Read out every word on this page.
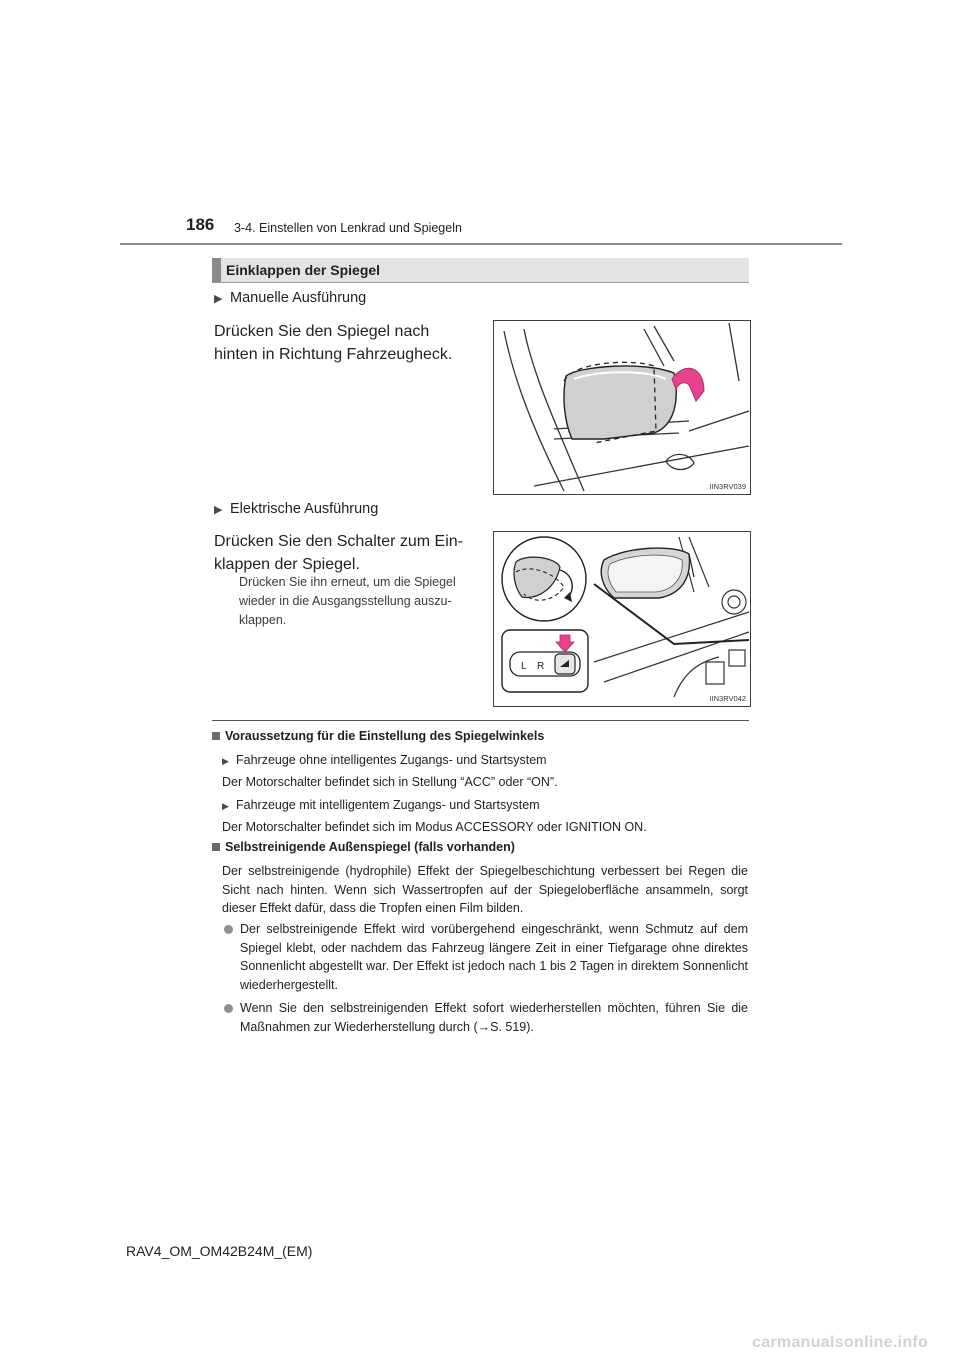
186 3-4. Einstellen von Lenkrad und Spiegeln
Einklappen der Spiegel
▶ Manuelle Ausführung
Drücken Sie den Spiegel nach hinten in Richtung Fahrzeugheck.
IIN3RV039
▶ Elektrische Ausführung
Drücken Sie den Schalter zum Ein-klappen der Spiegel.
Drücken Sie ihn erneut, um die Spiegel wieder in die Ausgangsstellung auszu-klappen.
L R
IIN3RV042
Voraussetzung für die Einstellung des Spiegelwinkels
▶ Fahrzeuge ohne intelligentes Zugangs- und Startsystem
Der Motorschalter befindet sich in Stellung “ACC” oder “ON”.
▶ Fahrzeuge mit intelligentem Zugangs- und Startsystem
Der Motorschalter befindet sich im Modus ACCESSORY oder IGNITION ON.
Selbstreinigende Außenspiegel (falls vorhanden)
Der selbstreinigende (hydrophile) Effekt der Spiegelbeschichtung verbessert bei Regen die Sicht nach hinten. Wenn sich Wassertropfen auf der Spiegeloberfläche ansammeln, sorgt dieser Effekt dafür, dass die Tropfen einen Film bilden.
Der selbstreinigende Effekt wird vorübergehend eingeschränkt, wenn Schmutz auf dem Spiegel klebt, oder nachdem das Fahrzeug längere Zeit in einer Tiefgarage ohne direktes Sonnenlicht abgestellt war. Der Effekt ist jedoch nach 1 bis 2 Tagen in direktem Sonnenlicht wiederhergestellt.
Wenn Sie den selbstreinigenden Effekt sofort wiederherstellen möchten, führen Sie die Maßnahmen zur Wiederherstellung durch (→S. 519).
RAV4_OM_OM42B24M_(EM)
carmanualsonline.info
